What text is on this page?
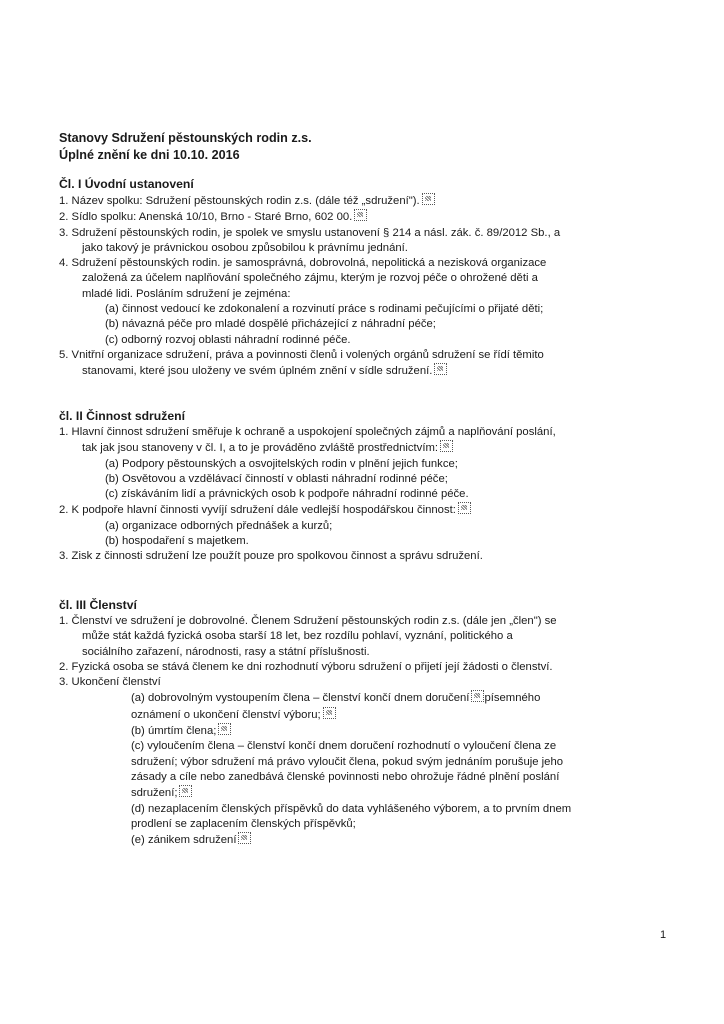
Stanovy Sdružení pěstounských rodin z.s.
Úplné znění ke dni 10.10. 2016
Čl. I Úvodní ustanovení
1. Název spolku: Sdružení pěstounských rodin z.s. (dále též „sdružení").
2. Sídlo spolku: Anenská 10/10, Brno - Staré Brno, 602 00.
3. Sdružení pěstounských rodin, je spolek ve smyslu ustanovení § 214 a násl. zák. č. 89/2012 Sb., a
jako takový je právnickou osobou způsobilou k právnímu jednání.
4. Sdružení pěstounských rodin. je samosprávná, dobrovolná, nepolitická a nezisková organizace
založená za účelem naplňování společného zájmu, kterým je rozvoj péče o ohrožené děti a
mladé lidi. Posláním sdružení je zejména:
(a) činnost vedoucí ke zdokonalení a rozvinutí práce s rodinami pečujícími o přijaté děti;
(b) návazná péče pro mladé dospělé přicházející z náhradní péče;
(c) odborný rozvoj oblasti náhradní rodinné péče.
5. Vnitřní organizace sdružení, práva a povinnosti členů i volených orgánů sdružení se řídí těmito
stanovami, které jsou uloženy ve svém úplném znění v sídle sdružení.
čl. II Činnost sdružení
1. Hlavní činnost sdružení směřuje k ochraně a uspokojení společných zájmů a naplňování poslání,
tak jak jsou stanoveny v čl. I, a to je prováděno zvláště prostřednictvím:
(a) Podpory pěstounských a osvojitelských rodin v plnění jejich funkce;
(b) Osvětovou a vzdělávací činností v oblasti náhradní rodinné péče;
(c) získáváním lidí a právnických osob k podpoře náhradní rodinné péče.
2. K podpoře hlavní činnosti vyvíjí sdružení dále vedlejší hospodářskou činnost:
(a) organizace odborných přednášek a kurzů;
(b) hospodaření s majetkem.
3. Zisk z činnosti sdružení lze použít pouze pro spolkovou činnost a správu sdružení.
čl. III Členství
1. Členství ve sdružení je dobrovolné. Členem Sdružení pěstounských rodin z.s. (dále jen „člen") se
může stát každá fyzická osoba starší 18 let, bez rozdílu pohlaví, vyznání, politického a
sociálního zařazení, národnosti, rasy a státní příslušnosti.
2. Fyzická osoba se stává členem ke dni rozhodnutí výboru sdružení o přijetí její žádosti o členství.
3. Ukončení členství
(a) dobrovolným vystoupením člena – členství končí dnem doručení písemného
oznámení o ukončení členství výboru;
(b) úmrtím člena;
(c) vyloučením člena – členství končí dnem doručení rozhodnutí o vyloučení člena ze
sdružení; výbor sdružení má právo vyloučit člena, pokud svým jednáním porušuje jeho
zásady a cíle nebo zanedbává členské povinnosti nebo ohrožuje řádné plnění poslání
sdružení;
(d) nezaplacením členských příspěvků do data vyhlášeného výborem, a to prvním dnem
prodlení se zaplacením členských příspěvků;
(e) zánikem sdružení
1
